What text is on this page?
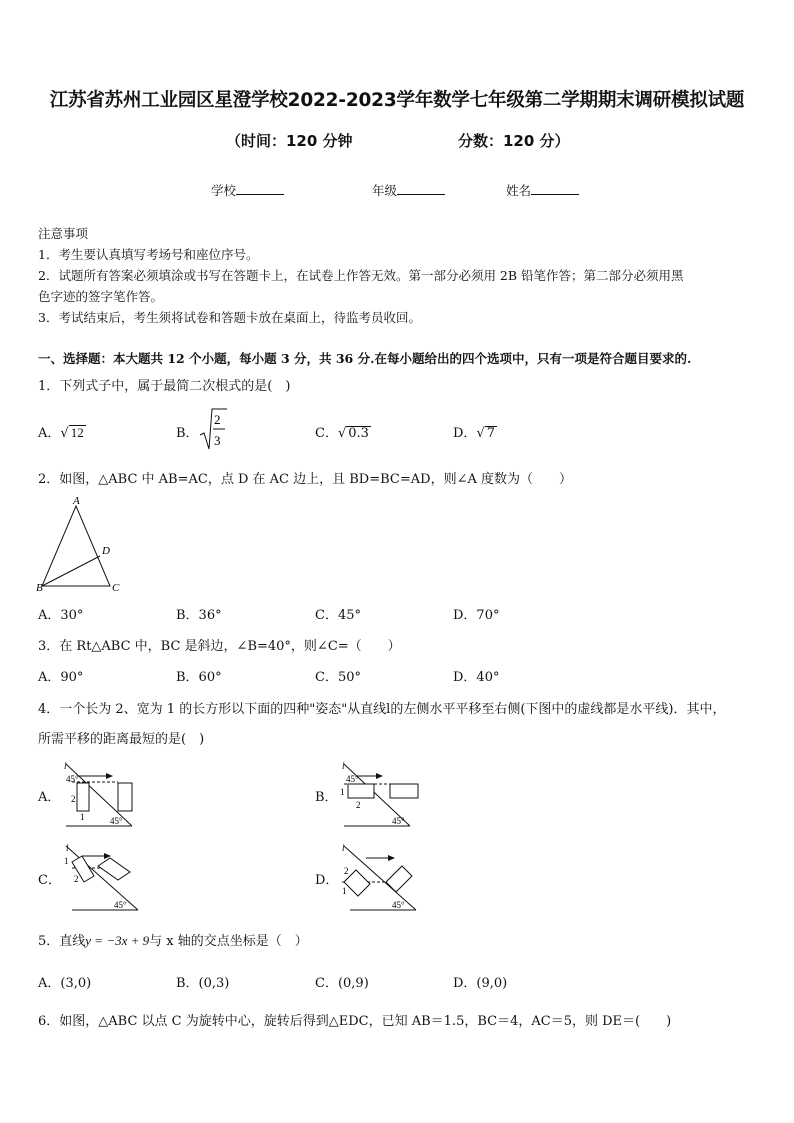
江苏省苏州工业园区星澄学校2022-2023学年数学七年级第二学期期末调研模拟试题
（时间：120 分钟	分数：120 分）
学校	年级	姓名
注意事项
1．考生要认真填写考场号和座位序号。
2．试题所有答案必须填涂或书写在答题卡上，在试卷上作答无效。第一部分必须用 2B 铅笔作答；第二部分必须用黑
色字迹的签字笔作答。
3．考试结束后，考生须将试卷和答题卡放在桌面上，待监考员收回。
一、选择题：本大题共 12 个小题，每小题 3 分，共 36 分.在每小题给出的四个选项中，只有一项是符合题目要求的.
1．下列式子中，属于最简二次根式的是(　)
A．√ 12	B．
2
3	C．√ 0.3	D．√ 7
2．如图，△ABC 中 AB=AC，点 D 在 AC 边上，且 BD=BC=AD，则∠A 度数为（　　）
A
B	C
D
A．30°	B．36°	C．45°	D．70°
3．在 Rt△ABC 中，BC 是斜边，∠B=40°，则∠C=（　　）
A．90°	B．60°	C．50°	D．40°
4．一个长为 2、宽为 1 的长方形以下面的四种"姿态"从直线l的左侧水平平移至右侧(下图中的虚线都是水平线)．其中，
所需平移的距离最短的是(　)
A．
l
45°
2
1	45°
B．
l
45°
1
2
45°
C．
l
1
2
45°
D．
l
2
1
45°
5．直线y = −3x + 9与 x 轴的交点坐标是（　）
A．(3,0)	B．(0,3)	C．(0,9)	D．(9,0)
6．如图，△ABC 以点 C 为旋转中心，旋转后得到△EDC，已知 AB＝1.5，BC＝4，AC＝5，则 DE＝(　　)
